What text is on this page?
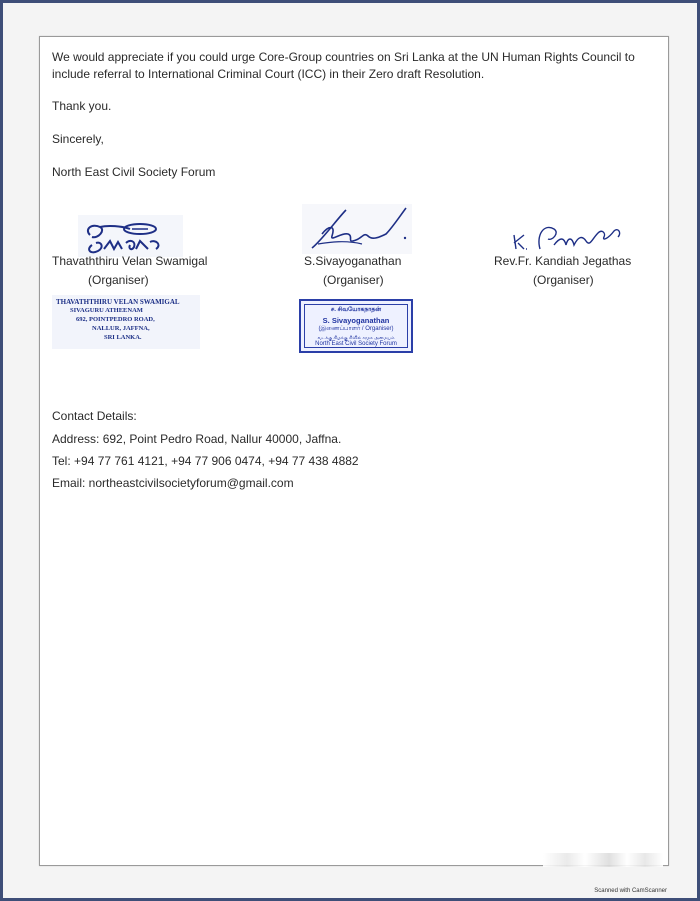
We would appreciate if you could urge Core-Group countries on Sri Lanka at the UN Human Rights Council to include referral to International Criminal Court (ICC) in their Zero draft Resolution.

Thank you.
Sincerely,
North East Civil Society Forum
Thavaththiru Velan Swamigal
(Organiser)
S.Sivayoganathan
(Organiser)
Rev.Fr. Kandiah Jegathas
(Organiser)
THAVATHTHIRU VELAN SWAMIGAL
SIVAGURU ATHEENAM
692, POINTPEDRO ROAD,
NALLUR, JAFFNA,
SRI LANKA.
ச. சிவயோகநாதன்
S. Sivayoganathan
(இணைப்பாளர் / Organiser)
வடக்கு கிழக்கு சிவில் சமூக அமையம்
North East Civil Society Forum
Contact Details:
Address: 692, Point Pedro Road, Nallur 40000, Jaffna.
Tel: +94 77 761 4121, +94 77 906 0474, +94 77 438 4882
Email: northeastcivilsocietyforum@gmail.com
Scanned with CamScanner
